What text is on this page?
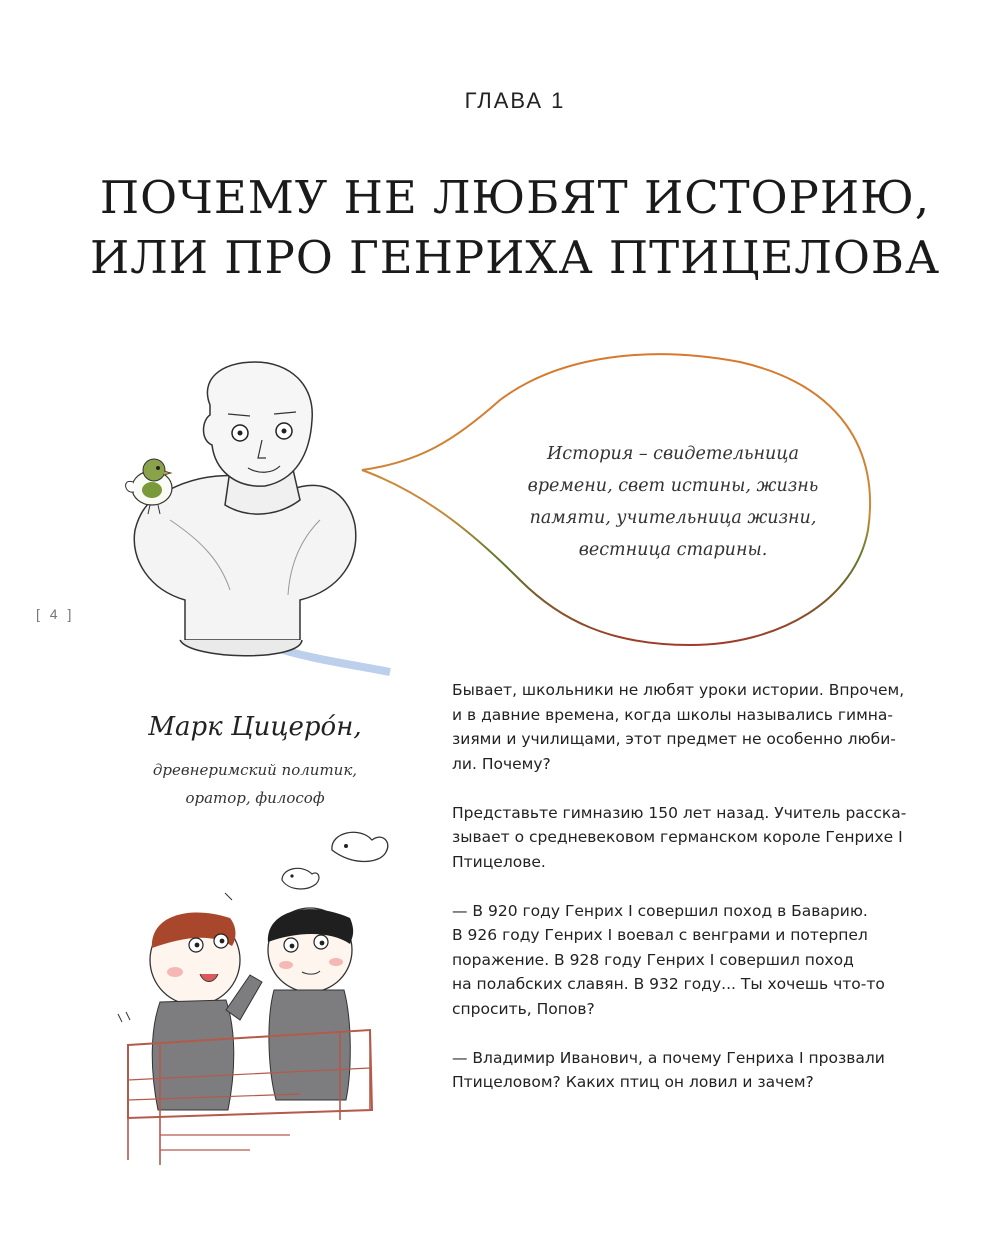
ГЛАВА 1
ПОЧЕМУ НЕ ЛЮБЯТ ИСТОРИЮ,
ИЛИ ПРО ГЕНРИХА ПТИЦЕЛОВА
История – свидетельница
времени, свет истины, жизнь
памяти, учительница жизни,
вестница старины.
[ 4 ]
Марк Цицеро́н,
древнеримский политик,
оратор, философ
Бывает, школьники не любят уроки истории. Впрочем,
и в давние времена, когда школы назывались гимна-
зиями и училищами, этот предмет не особенно люби-
ли. Почему?
Представьте гимназию 150 лет назад. Учитель расска-
зывает о средневековом германском короле Генрихе I
Птицелове.
— В 920 году Генрих I совершил поход в Баварию.
В 926 году Генрих I воевал с венграми и потерпел
поражение. В 928 году Генрих I совершил поход
на полабских славян. В 932 году... Ты хочешь что-то
спросить, Попов?
— Владимир Иванович, а почему Генриха I прозвали
Птицеловом? Каких птиц он ловил и зачем?
